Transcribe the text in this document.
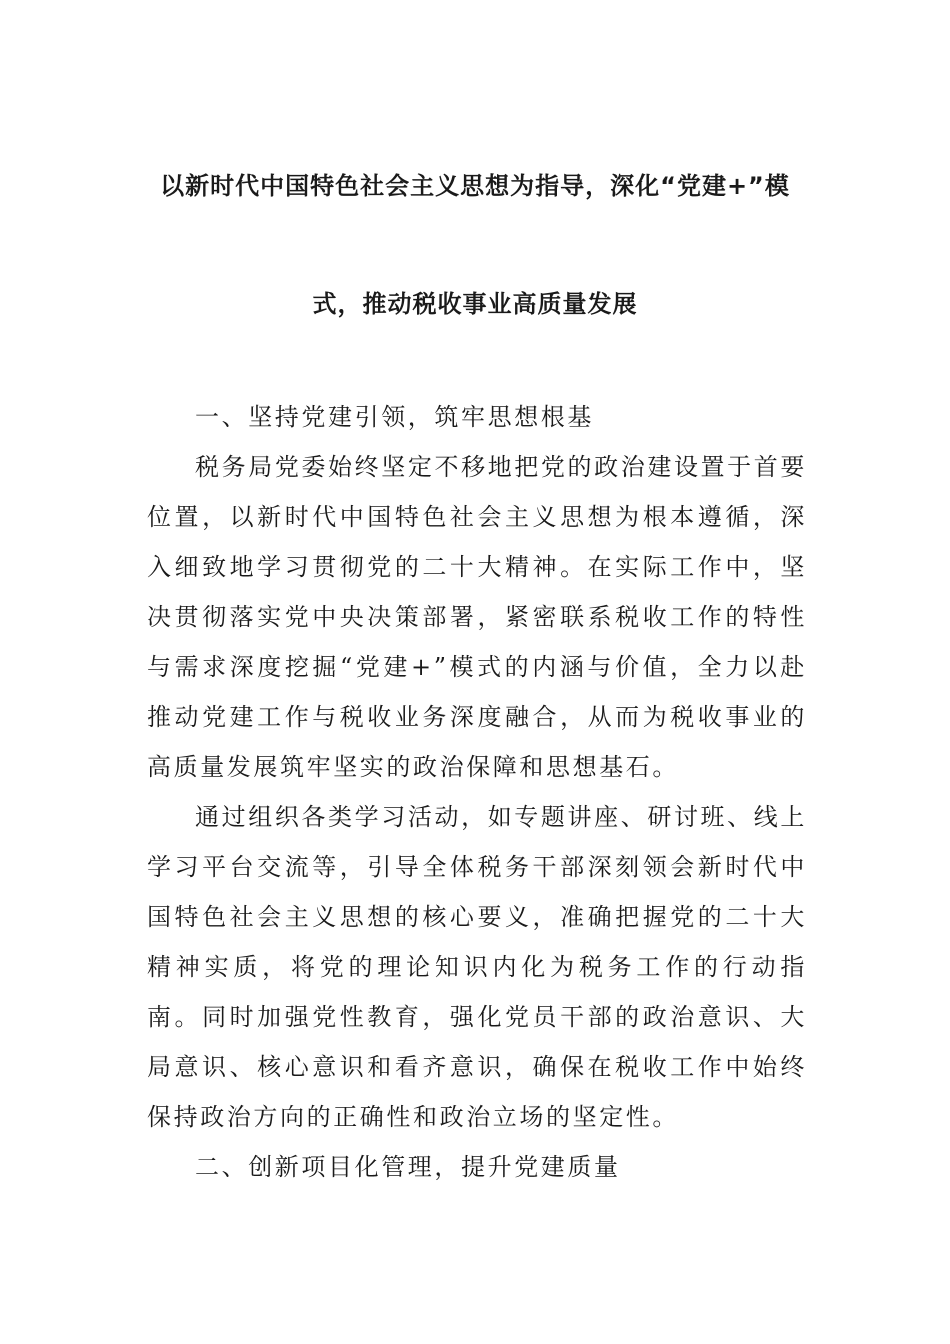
以新时代中国特色社会主义思想为指导，深化“党建+”模
式，推动税收事业高质量发展

一、坚持党建引领，筑牢思想根基

税务局党委始终坚定不移地把党的政治建设置于首要位置，以新时代中国特色社会主义思想为根本遵循，深入细致地学习贯彻党的二十大精神。在实际工作中，坚决贯彻落实党中央决策部署，紧密联系税收工作的特性与需求深度挖掘“党建+”模式的内涵与价值，全力以赴推动党建工作与税收业务深度融合，从而为税收事业的高质量发展筑牢坚实的政治保障和思想基石。

通过组织各类学习活动，如专题讲座、研讨班、线上学习平台交流等，引导全体税务干部深刻领会新时代中国特色社会主义思想的核心要义，准确把握党的二十大精神实质，将党的理论知识内化为税务工作的行动指南。同时加强党性教育，强化党员干部的政治意识、大局意识、核心意识和看齐意识，确保在税收工作中始终保持政治方向的正确性和政治立场的坚定性。

二、创新项目化管理，提升党建质量
